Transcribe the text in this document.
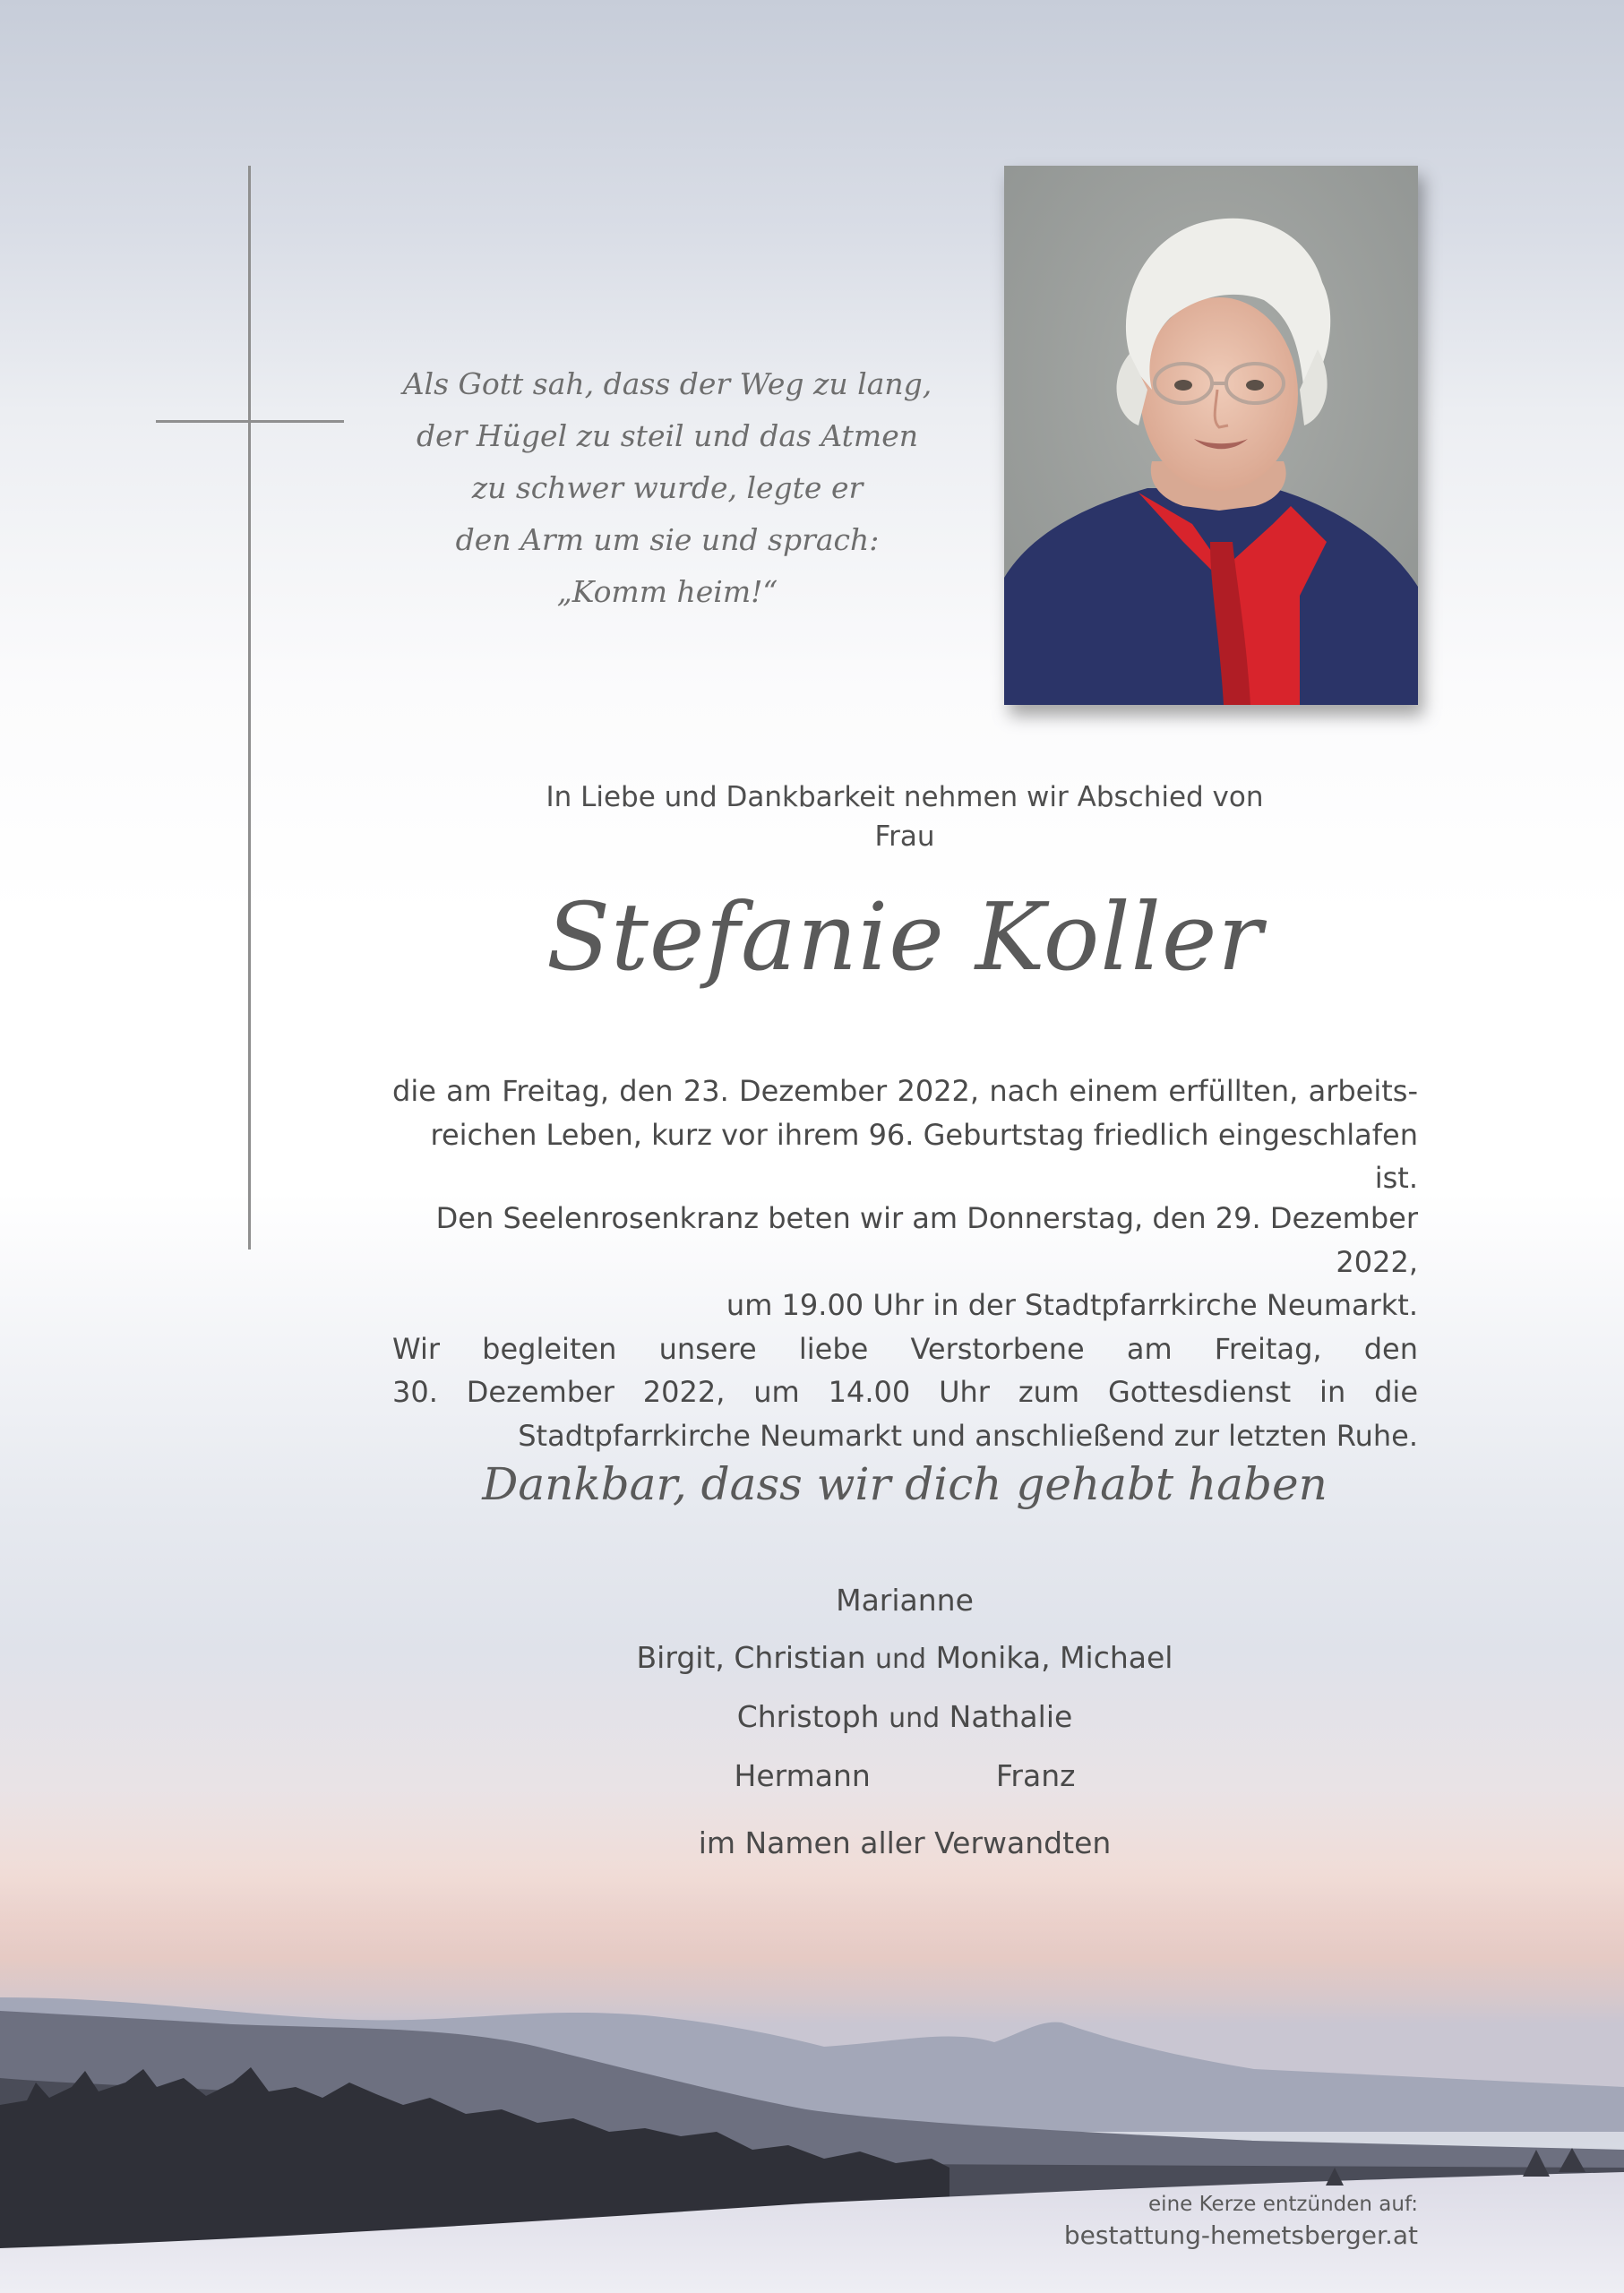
Als Gott sah, dass der Weg zu lang,
der Hügel zu steil und das Atmen
zu schwer wurde, legte er
den Arm um sie und sprach:
„Komm heim!“
In Liebe und Dankbarkeit nehmen wir Abschied von
Frau
Stefanie Koller
die am Freitag, den 23. Dezember 2022, nach einem erfüllten, arbeits-
reichen Leben, kurz vor ihrem 96. Geburtstag friedlich eingeschlafen ist.
Den Seelenrosenkranz beten wir am Donnerstag, den 29. Dezember 2022,
um 19.00 Uhr in der Stadtpfarrkirche Neumarkt.
Wir begleiten unsere liebe Verstorbene am Freitag, den
30. Dezember 2022, um 14.00 Uhr zum Gottesdienst in die
Stadtpfarrkirche Neumarkt und anschließend zur letzten Ruhe.
Dankbar, dass wir dich gehabt haben
Marianne
Birgit, Christian und Monika, Michael
Christoph und Nathalie
Hermann	Franz
im Namen aller Verwandten
eine Kerze entzünden auf:
bestattung-hemetsberger.at
